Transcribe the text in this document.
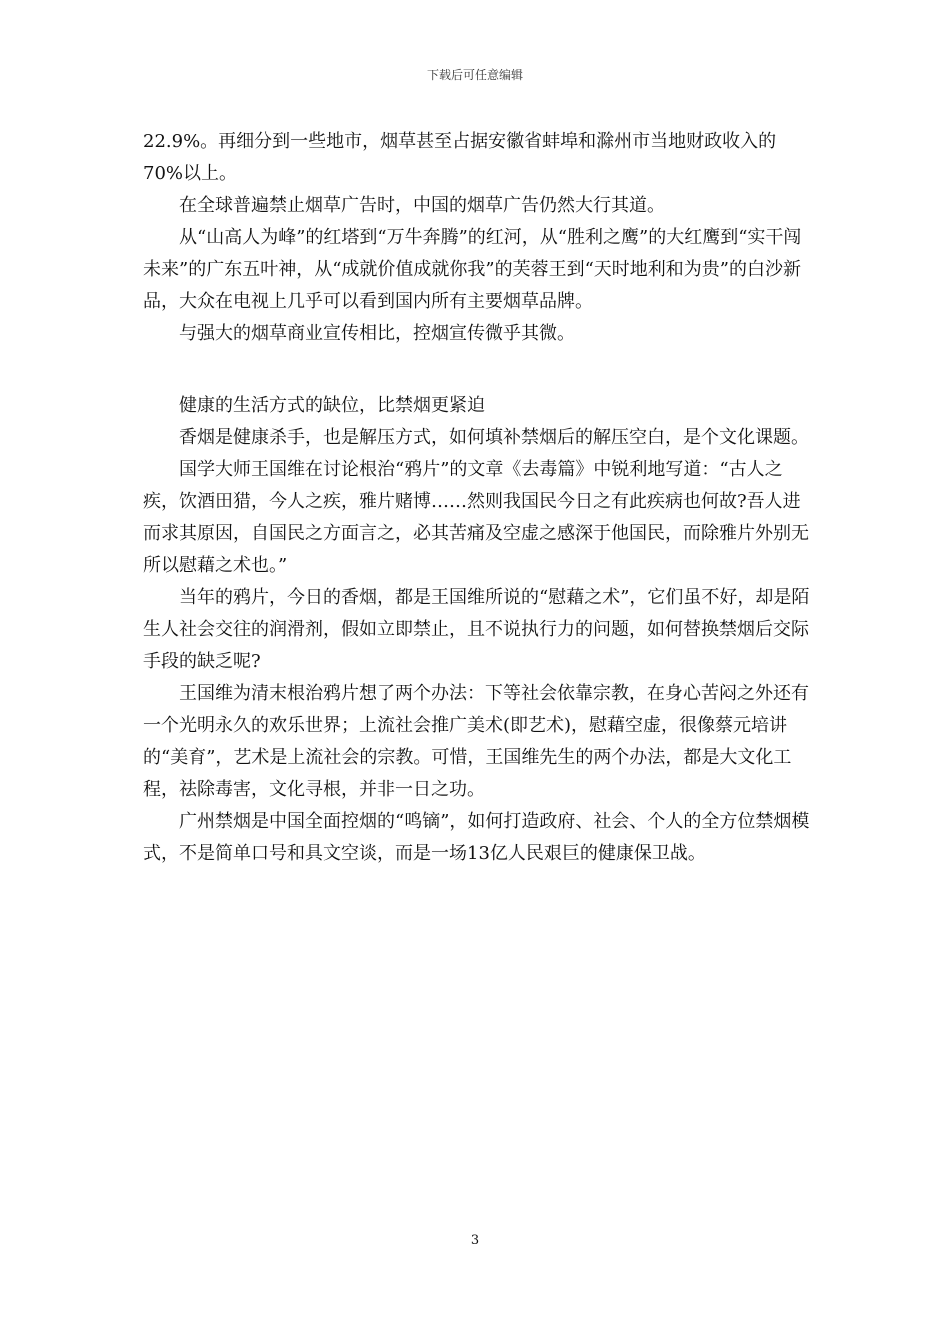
下载后可任意编辑

22.9%。再细分到一些地市，烟草甚至占据安徽省蚌埠和滁州市当地财政收入的70%以上。

在全球普遍禁止烟草广告时，中国的烟草广告仍然大行其道。

从“山高人为峰”的红塔到“万牛奔腾”的红河，从“胜利之鹰”的大红鹰到“实干闯未来”的广东五叶神，从“成就价值成就你我”的芙蓉王到“天时地利和为贵”的白沙新品，大众在电视上几乎可以看到国内所有主要烟草品牌。

与强大的烟草商业宣传相比，控烟宣传微乎其微。

健康的生活方式的缺位，比禁烟更紧迫

香烟是健康杀手，也是解压方式，如何填补禁烟后的解压空白，是个文化课题。

国学大师王国维在讨论根治“鸦片”的文章《去毒篇》中锐利地写道：“古人之疾，饮酒田猎，今人之疾，雅片赌博……然则我国民今日之有此疾病也何故?吾人进而求其原因，自国民之方面言之，必其苦痛及空虚之感深于他国民，而除雅片外别无所以慰藉之术也。”

当年的鸦片，今日的香烟，都是王国维所说的“慰藉之术”，它们虽不好，却是陌生人社会交往的润滑剂，假如立即禁止，且不说执行力的问题，如何替换禁烟后交际手段的缺乏呢?

王国维为清末根治鸦片想了两个办法：下等社会依靠宗教，在身心苦闷之外还有一个光明永久的欢乐世界；上流社会推广美术(即艺术)，慰藉空虚，很像蔡元培讲的“美育”，艺术是上流社会的宗教。可惜，王国维先生的两个办法，都是大文化工程，祛除毒害，文化寻根，并非一日之功。

广州禁烟是中国全面控烟的“鸣镝”，如何打造政府、社会、个人的全方位禁烟模式，不是简单口号和具文空谈，而是一场13亿人民艰巨的健康保卫战。

3
